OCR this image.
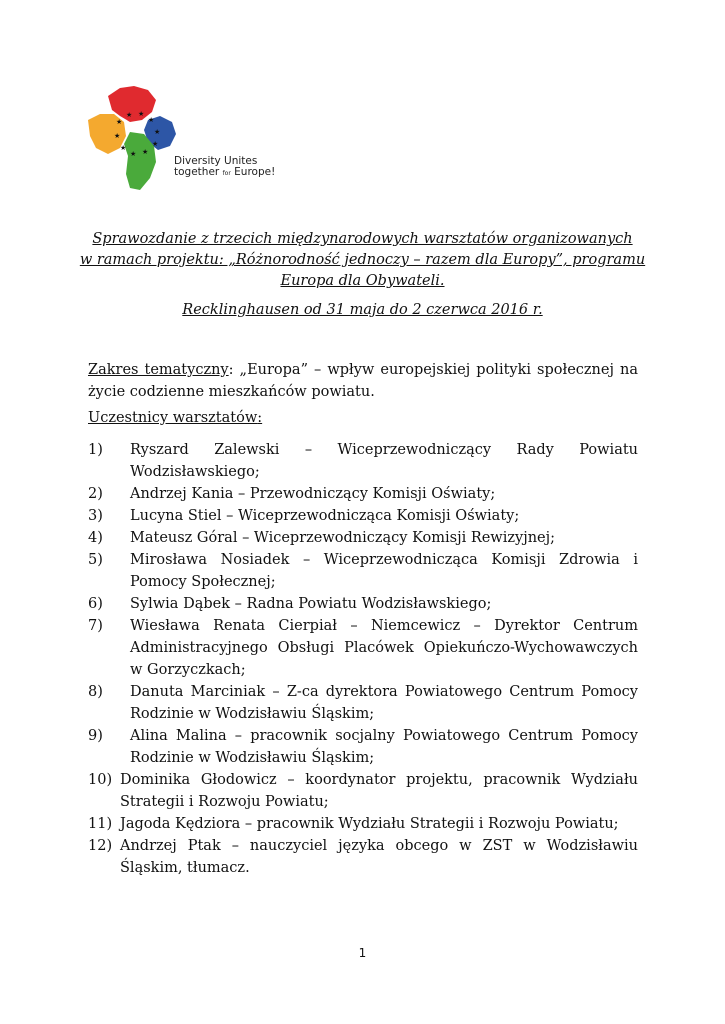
★
★ ★
★
★
★
★
★
★
★
Diversity Unites
together for Europe!
Sprawozdanie z trzecich międzynarodowych warsztatów organizowanych
w ramach projektu: „Różnorodność jednoczy – razem dla Europy”, programu
Europa dla Obywateli.
Recklinghausen od 31 maja do 2 czerwca 2016 r.
Zakres tematyczny: „Europa” – wpływ europejskiej polityki społecznej na życie codzienne mieszkańców powiatu.
Uczestnicy warsztatów:
1)	Ryszard Zalewski – Wiceprzewodniczący Rady Powiatu Wodzisławskiego;
2)	Andrzej Kania – Przewodniczący Komisji Oświaty;
3)	Lucyna Stiel – Wiceprzewodnicząca Komisji Oświaty;
4)	Mateusz Góral – Wiceprzewodniczący Komisji Rewizyjnej;
5)	Mirosława Nosiadek – Wiceprzewodnicząca Komisji Zdrowia i Pomocy Społecznej;
6)	Sylwia Dąbek – Radna Powiatu Wodzisławskiego;
7)	Wiesława Renata Cierpiał – Niemcewicz – Dyrektor Centrum Administracyjnego Obsługi Placówek Opiekuńczo-Wychowawczych w Gorzyczkach;
8)	Danuta Marciniak – Z-ca dyrektora Powiatowego Centrum Pomocy Rodzinie w Wodzisławiu Śląskim;
9)	Alina Malina – pracownik socjalny Powiatowego Centrum Pomocy Rodzinie w Wodzisławiu Śląskim;
10) Dominika Głodowicz – koordynator projektu, pracownik Wydziału Strategii i Rozwoju Powiatu;
11) Jagoda Kędziora – pracownik Wydziału Strategii i Rozwoju Powiatu;
12) Andrzej Ptak – nauczyciel języka obcego w ZST w Wodzisławiu Śląskim, tłumacz.
1
